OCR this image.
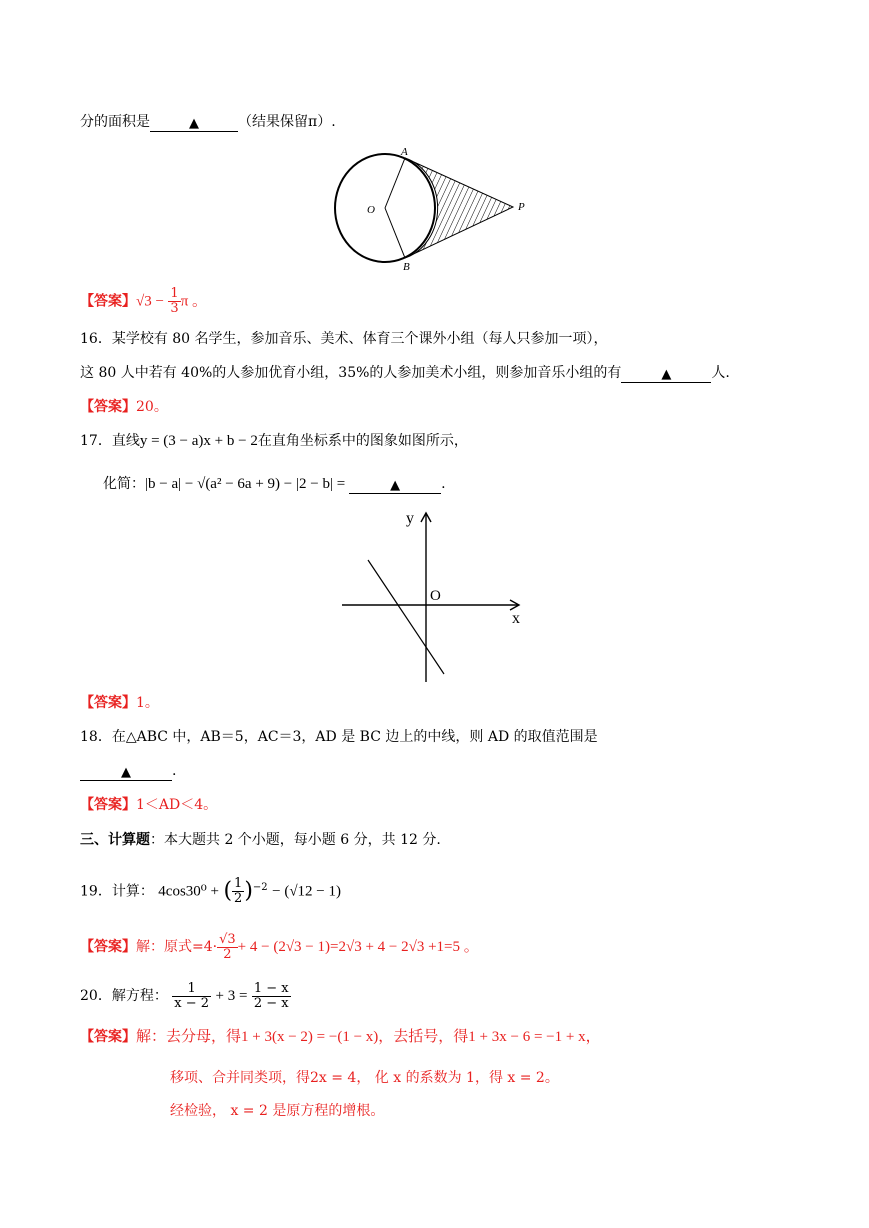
分的面积是	▲	（结果保留π）.
A
B
O	P
【答案】$√3 - \frac{1}{3}$ π 。
16．某学校有 80 名学生，参加音乐、美术、体育三个课外小组（每人只参加一项），
这 80 人中若有 40%的人参加优育小组，35%的人参加美术小组，则参加音乐小组的有	▲	人.
【答案】20。
17．直线y = (3 − a)x + b − 2在直角坐标系中的图象如图所示，
化简：|b − a| − √(a² − 6a + 9) − |2 − b| =	▲	.
y
x
O
【答案】1。
18．在△ABC 中，AB＝5，AC＝3，AD 是 BC 边上的中线，则 AD 的取值范围是
▲	.
【答案】1＜AD＜4。
三、计算题：本大题共 2 个小题，每小题 6 分，共 12 分.
19．计算： 4cos30⁰ + ( $\frac{1}{2} )^{-2} - (√12 - 1)$
【答案】解：原式$=4\cdot \frac{√3}{2} + 4 - (2√3 - 1)=2√3 + 4 - 2√3 +1=5$ 。
20．解方程： $\frac{1}{x - 2} + 3 = \frac{1 - x}{2 - x}$
【答案】解：去分母，得1 + 3(x − 2) = −(1 − x)，去括号，得1 + 3x − 6 = −1 + x，
移项、合并同类项，得2x = 4， 化 x 的系数为 1，得 x = 2。
经检验， x = 2 是原方程的增根。
